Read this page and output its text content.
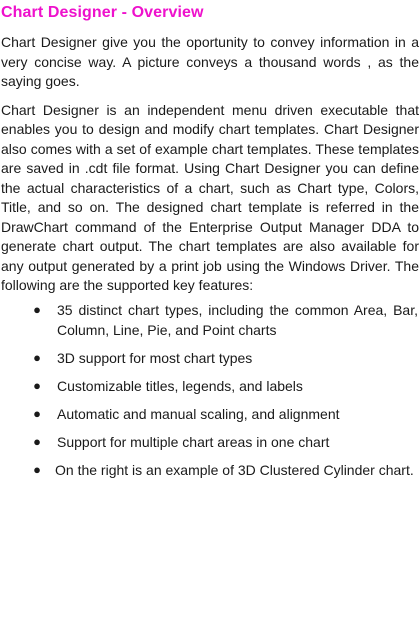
Chart Designer - Overview

Chart Designer give you the oportunity to convey information in a very concise way. A picture conveys a thousand words , as the saying goes.

Chart Designer is an independent menu driven executable that enables you to design and modify chart templates. Chart Designer also comes with a set of example chart templates. These templates are saved in .cdt file format. Using Chart Designer you can define the actual characteristics of a chart, such as Chart type, Colors, Title, and so on. The designed chart template is referred in the DrawChart command of the Enterprise Output Manager DDA to generate chart output. The chart templates are also available for any output generated by a print job using the Windows Driver. The following are the supported key features:

● 35 distinct chart types, including the common Area, Bar, Column, Line, Pie, and Point charts
● 3D support for most chart types
● Customizable titles, legends, and labels
● Automatic and manual scaling, and alignment
● Support for multiple chart areas in one chart
● On the right is an example of 3D Clustered Cylinder chart.
